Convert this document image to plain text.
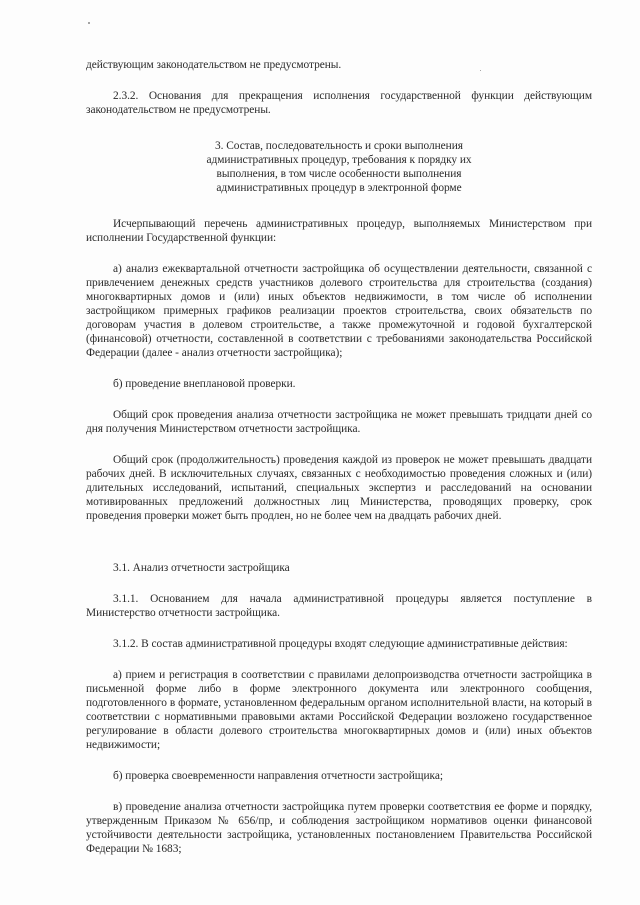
действующим законодательством не предусмотрены.

2.3.2. Основания для прекращения исполнения государственной функции действующим законодательством не предусмотрены.

3. Состав, последовательность и сроки выполнения административных процедур, требования к порядку их выполнения, в том числе особенности выполнения административных процедур в электронной форме

Исчерпывающий перечень административных процедур, выполняемых Министерством при исполнении Государственной функции:

а) анализ ежеквартальной отчетности застройщика об осуществлении деятельности, связанной с привлечением денежных средств участников долевого строительства для строительства (создания) многоквартирных домов и (или) иных объектов недвижимости, в том числе об исполнении застройщиком примерных графиков реализации проектов строительства, своих обязательств по договорам участия в долевом строительстве, а также промежуточной и годовой бухгалтерской (финансовой) отчетности, составленной в соответствии с требованиями законодательства Российской Федерации (далее - анализ отчетности застройщика);

б) проведение внеплановой проверки.

Общий срок проведения анализа отчетности застройщика не может превышать тридцати дней со дня получения Министерством отчетности застройщика.

Общий срок (продолжительность) проведения каждой из проверок не может превышать двадцати рабочих дней. В исключительных случаях, связанных с необходимостью проведения сложных и (или) длительных исследований, испытаний, специальных экспертиз и расследований на основании мотивированных предложений должностных лиц Министерства, проводящих проверку, срок проведения проверки может быть продлен, но не более чем на двадцать рабочих дней.

3.1. Анализ отчетности застройщика

3.1.1. Основанием для начала административной процедуры является поступление в Министерство отчетности застройщика.

3.1.2. В состав административной процедуры входят следующие административные действия:

а) прием и регистрация в соответствии с правилами делопроизводства отчетности застройщика в письменной форме либо в форме электронного документа или электронного сообщения, подготовленного в формате, установленном федеральным органом исполнительной власти, на который в соответствии с нормативными правовыми актами Российской Федерации возложено государственное регулирование в области долевого строительства многоквартирных домов и (или) иных объектов недвижимости;

б) проверка своевременности направления отчетности застройщика;

в) проведение анализа отчетности застройщика путем проверки соответствия ее форме и порядку, утвержденным Приказом № 656/пр, и соблюдения застройщиком нормативов оценки финансовой устойчивости деятельности застройщика, установленных постановлением Правительства Российской Федерации № 1683;
